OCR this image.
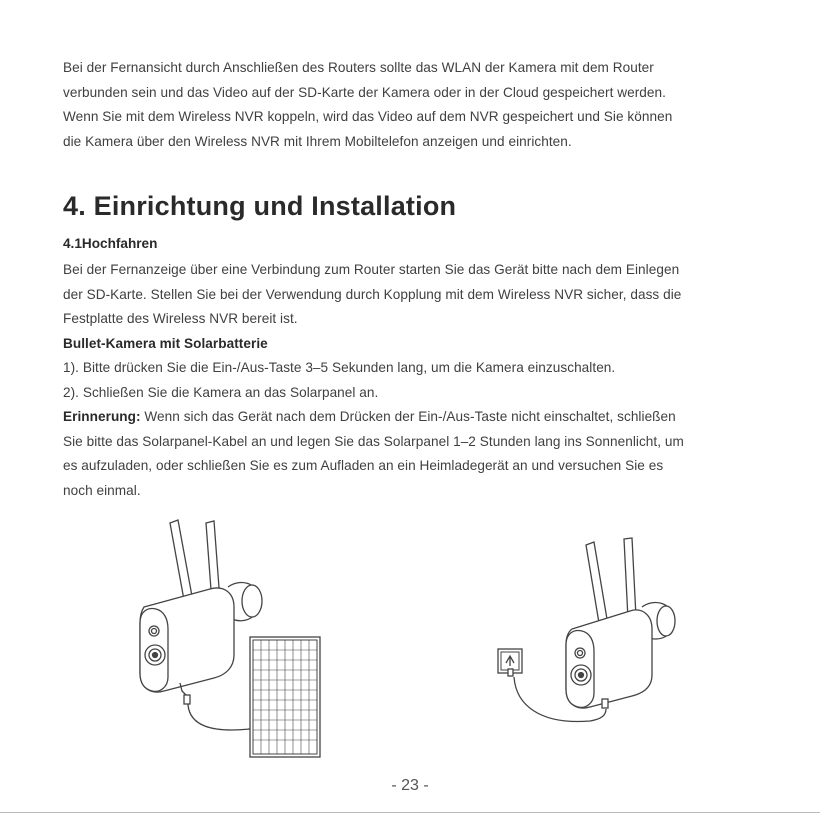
Bei der Fernansicht durch Anschließen des Routers sollte das WLAN der Kamera mit dem Router
verbunden sein und das Video auf der SD-Karte der Kamera oder in der Cloud gespeichert werden.
Wenn Sie mit dem Wireless NVR koppeln, wird das Video auf dem NVR gespeichert und Sie können
die Kamera über den Wireless NVR mit Ihrem Mobiltelefon anzeigen und einrichten.

4. Einrichtung und Installation
4.1Hochfahren
Bei der Fernanzeige über eine Verbindung zum Router starten Sie das Gerät bitte nach dem Einlegen
der SD-Karte. Stellen Sie bei der Verwendung durch Kopplung mit dem Wireless NVR sicher, dass die
Festplatte des Wireless NVR bereit ist.
Bullet-Kamera mit Solarbatterie
1). Bitte drücken Sie die Ein-/Aus-Taste 3–5 Sekunden lang, um die Kamera einzuschalten.
2). Schließen Sie die Kamera an das Solarpanel an.
Erinnerung: Wenn sich das Gerät nach dem Drücken der Ein-/Aus-Taste nicht einschaltet, schließen
Sie bitte das Solarpanel-Kabel an und legen Sie das Solarpanel 1–2 Stunden lang ins Sonnenlicht, um
es aufzuladen, oder schließen Sie es zum Aufladen an ein Heimladegerät an und versuchen Sie es
noch einmal.
- 23 -
